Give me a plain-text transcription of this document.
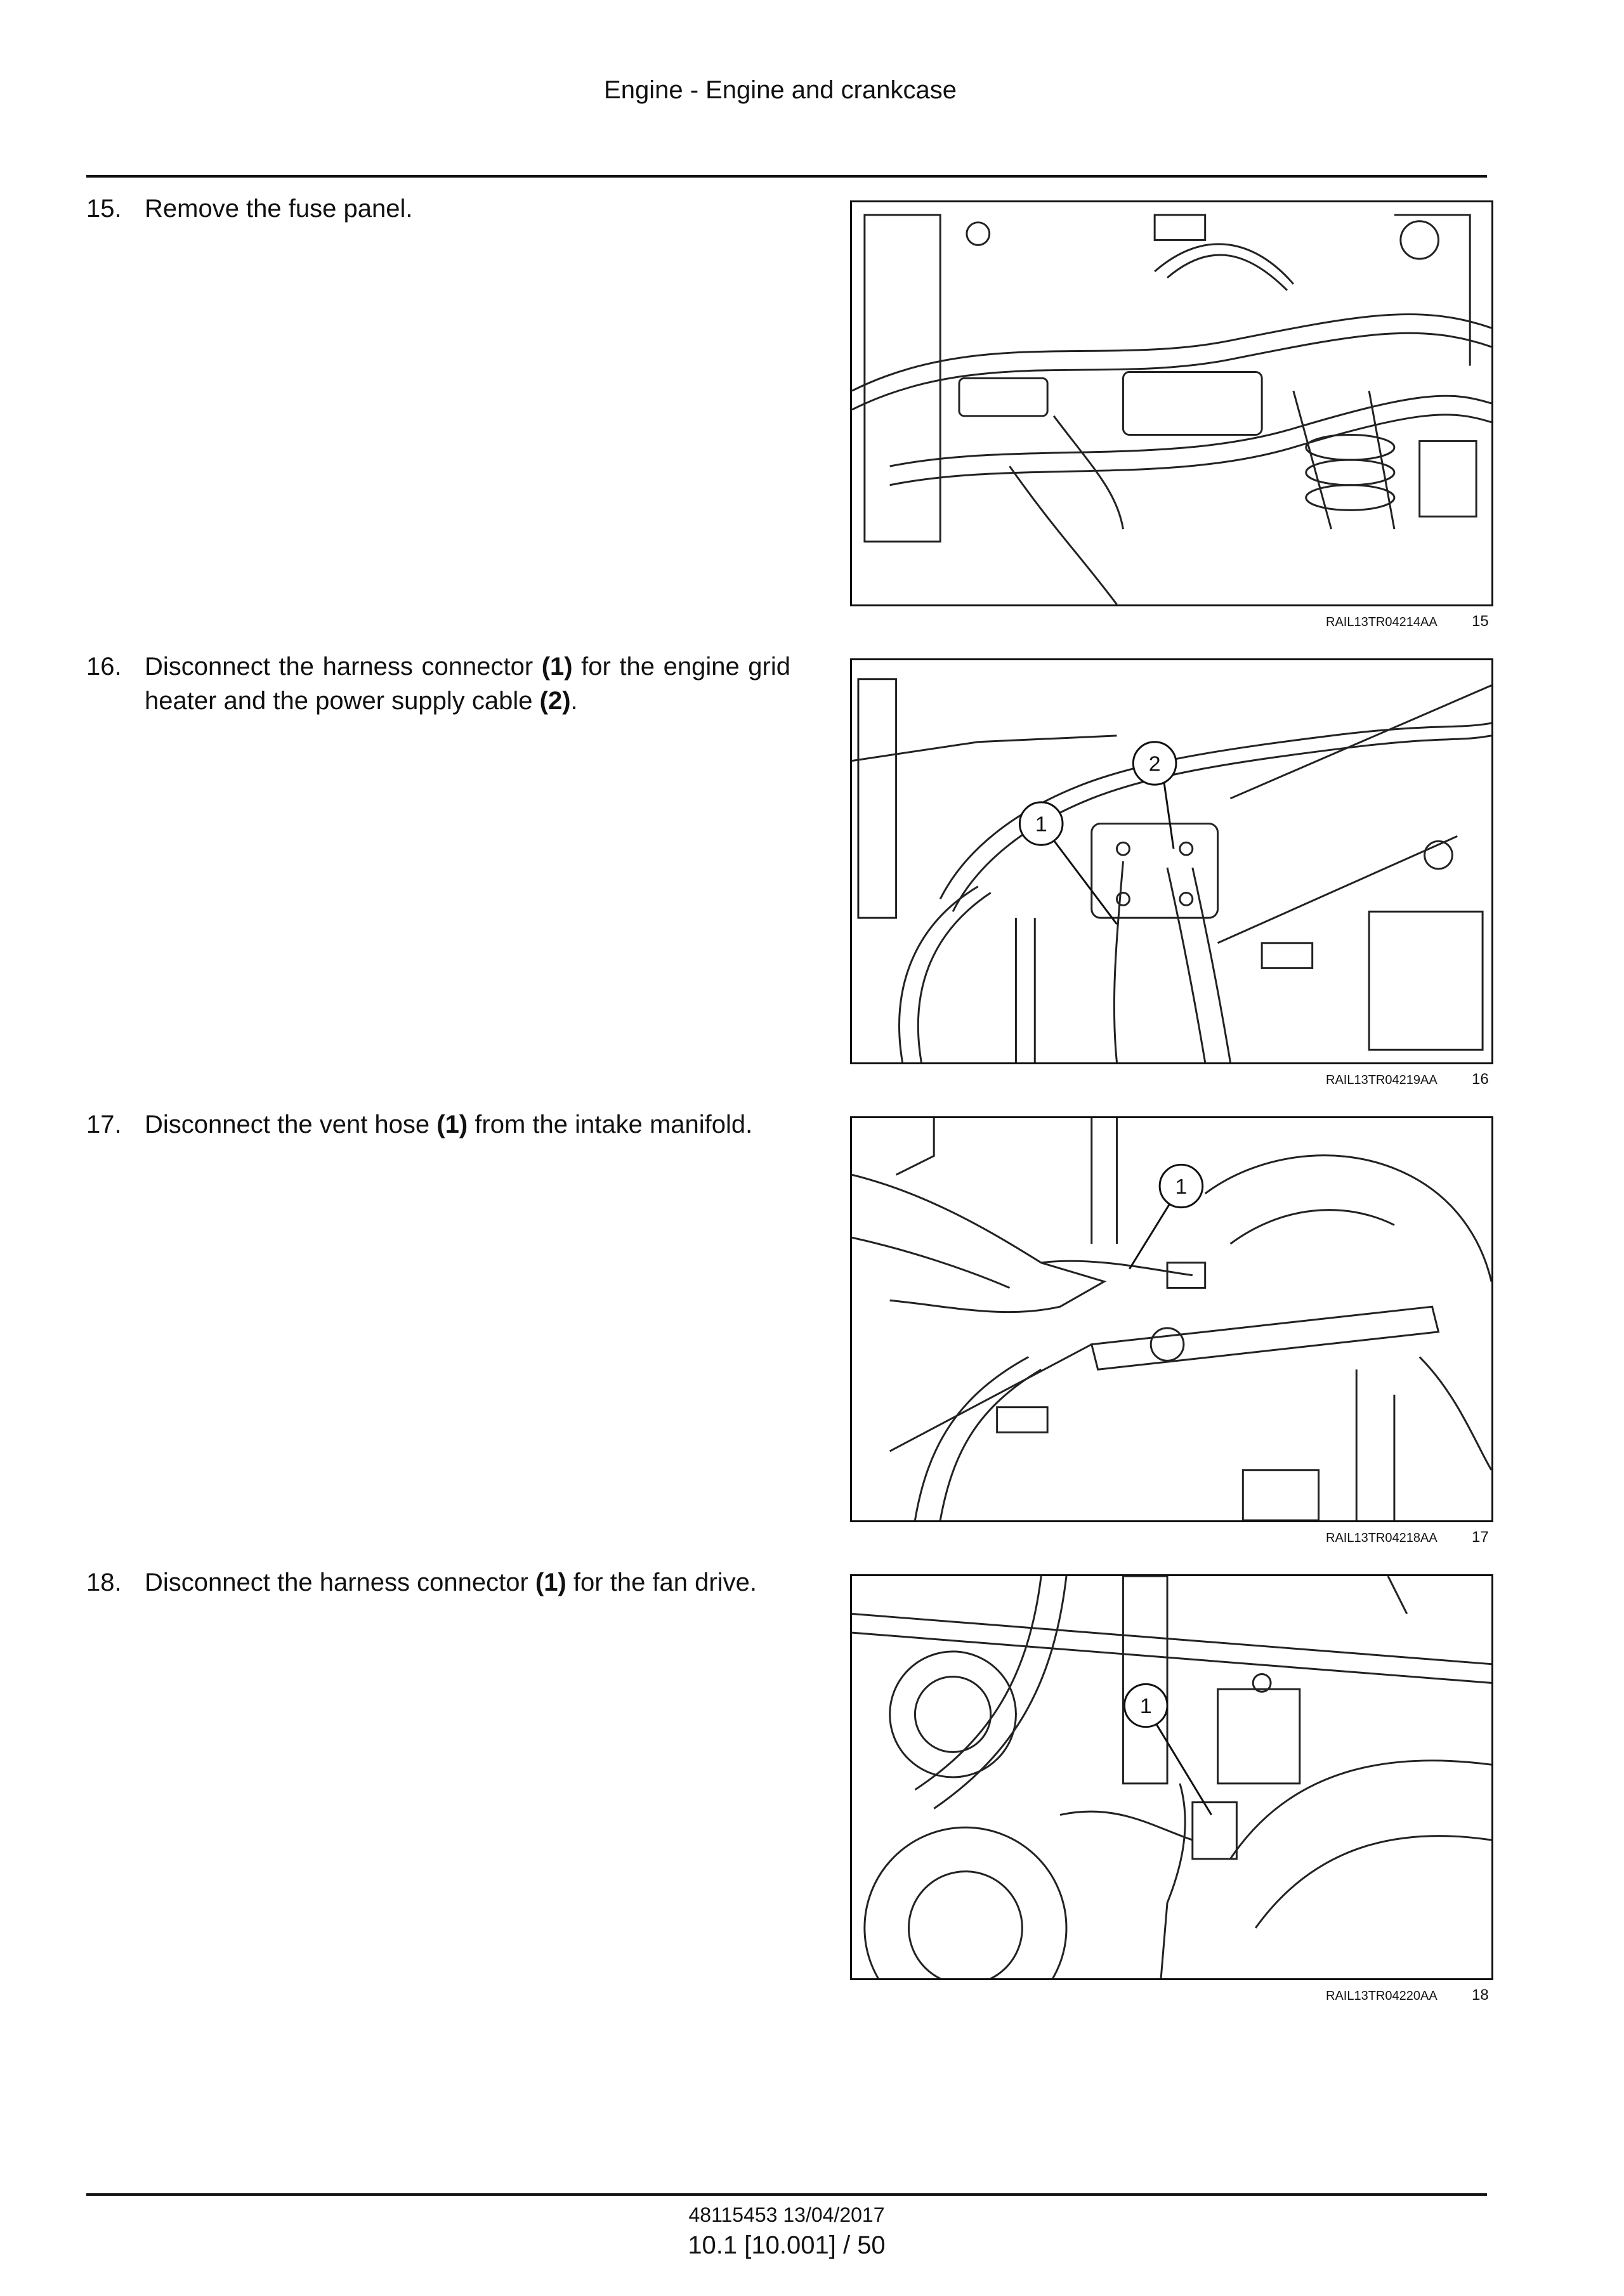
Engine - Engine and crankcase
15. Remove the fuse panel.
16. Disconnect the harness connector (1) for the engine grid heater and the power supply cable (2).
17. Disconnect the vent hose (1) from the intake manifold.
18. Disconnect the harness connector (1) for the fan drive.
RAIL13TR04214AA	15
1
2
RAIL13TR04219AA	16
1
RAIL13TR04218AA	17
1
RAIL13TR04220AA	18
48115453 13/04/2017
10.1 [10.001] / 50
